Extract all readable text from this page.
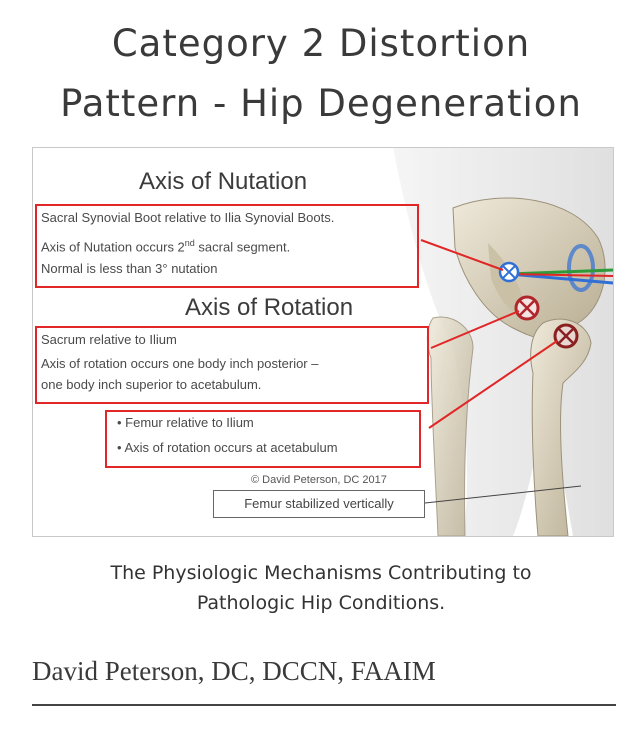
Category 2 Distortion
Pattern - Hip Degeneration
Axis of Nutation
Sacral Synovial Boot relative to Ilia Synovial Boots.
Axis of Nutation occurs 2nd sacral segment.
Normal is less than 3° nutation
Axis of Rotation
Sacrum relative to Ilium
Axis of rotation occurs one body inch posterior –
one body inch superior to acetabulum.
• Femur relative to Ilium
• Axis of rotation occurs at acetabulum
© David Peterson, DC 2017
Femur stabilized vertically
The Physiologic Mechanisms Contributing to
Pathologic Hip Conditions.
David Peterson, DC, DCCN, FAAIM
